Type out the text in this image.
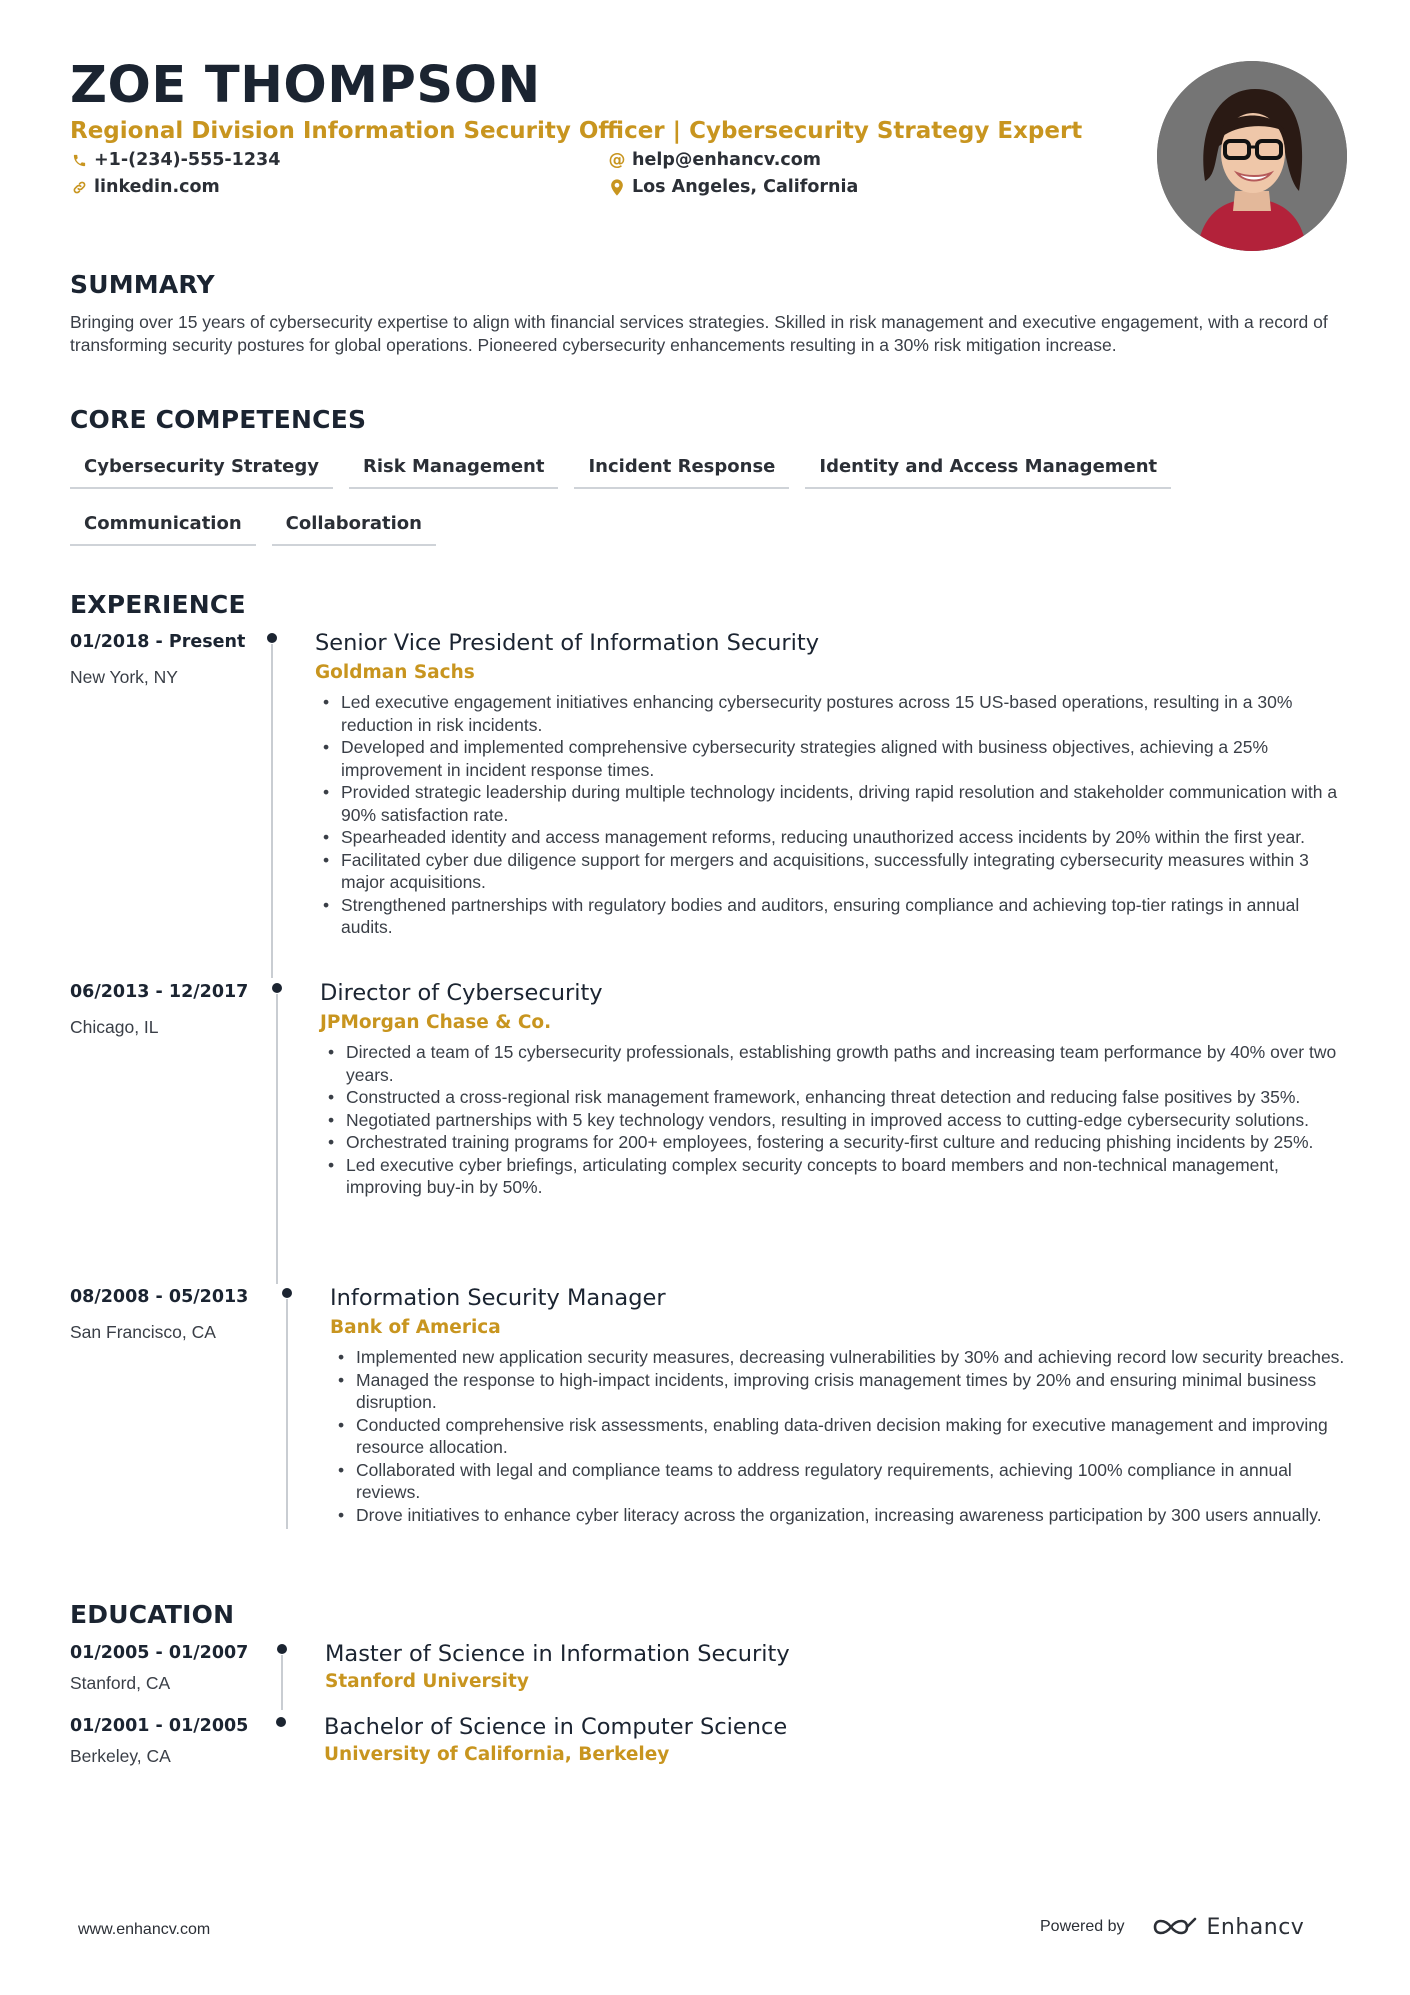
ZOE THOMPSON
Regional Division Information Security Officer | Cybersecurity Strategy Expert
+1-(234)-555-1234	@ help@enhancv.com
linkedin.com	Los Angeles, California
SUMMARY
Bringing over 15 years of cybersecurity expertise to align with financial services strategies. Skilled in risk management and executive engagement, with a record of transforming security postures for global operations. Pioneered cybersecurity enhancements resulting in a 30% risk mitigation increase.
CORE COMPETENCES
Cybersecurity Strategy	Risk Management	Incident Response	Identity and Access Management
Communication	Collaboration
EXPERIENCE
01/2018 - Present
New York, NY
Senior Vice President of Information Security
Goldman Sachs
• Led executive engagement initiatives enhancing cybersecurity postures across 15 US-based operations, resulting in a 30% reduction in risk incidents.
• Developed and implemented comprehensive cybersecurity strategies aligned with business objectives, achieving a 25% improvement in incident response times.
• Provided strategic leadership during multiple technology incidents, driving rapid resolution and stakeholder communication with a 90% satisfaction rate.
• Spearheaded identity and access management reforms, reducing unauthorized access incidents by 20% within the first year.
• Facilitated cyber due diligence support for mergers and acquisitions, successfully integrating cybersecurity measures within 3 major acquisitions.
• Strengthened partnerships with regulatory bodies and auditors, ensuring compliance and achieving top-tier ratings in annual audits.
06/2013 - 12/2017
Chicago, IL
Director of Cybersecurity
JPMorgan Chase & Co.
• Directed a team of 15 cybersecurity professionals, establishing growth paths and increasing team performance by 40% over two years.
• Constructed a cross-regional risk management framework, enhancing threat detection and reducing false positives by 35%.
• Negotiated partnerships with 5 key technology vendors, resulting in improved access to cutting-edge cybersecurity solutions.
• Orchestrated training programs for 200+ employees, fostering a security-first culture and reducing phishing incidents by 25%.
• Led executive cyber briefings, articulating complex security concepts to board members and non-technical management, improving buy-in by 50%.
08/2008 - 05/2013
San Francisco, CA
Information Security Manager
Bank of America
• Implemented new application security measures, decreasing vulnerabilities by 30% and achieving record low security breaches.
• Managed the response to high-impact incidents, improving crisis management times by 20% and ensuring minimal business disruption.
• Conducted comprehensive risk assessments, enabling data-driven decision making for executive management and improving resource allocation.
• Collaborated with legal and compliance teams to address regulatory requirements, achieving 100% compliance in annual reviews.
• Drove initiatives to enhance cyber literacy across the organization, increasing awareness participation by 300 users annually.
EDUCATION
01/2005 - 01/2007
Stanford, CA
Master of Science in Information Security
Stanford University
01/2001 - 01/2005
Berkeley, CA
Bachelor of Science in Computer Science
University of California, Berkeley
www.enhancv.com	Powered by	Enhancv
